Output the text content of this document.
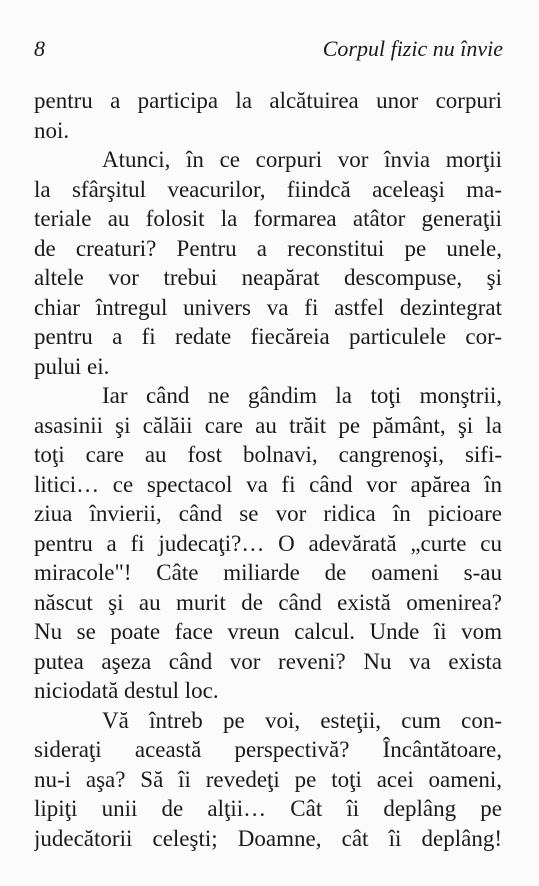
8	Corpul fizic nu învie
pentru a participa la alcătuirea unor corpuri
noi.
Atunci, în ce corpuri vor învia morţii
la sfârşitul veacurilor, fiindcă aceleaşi ma-
teriale au folosit la formarea atâtor generaţii
de creaturi? Pentru a reconstitui pe unele,
altele vor trebui neapărat descompuse, şi
chiar întregul univers va fi astfel dezintegrat
pentru a fi redate fiecăreia particulele cor-
pului ei.
Iar când ne gândim la toţi monştrii,
asasinii şi călăii care au trăit pe pământ, şi la
toţi care au fost bolnavi, cangrenoşi, sifi-
litici… ce spectacol va fi când vor apărea în
ziua învierii, când se vor ridica în picioare
pentru a fi judecaţi?… O adevărată „curte cu
miracole"! Câte miliarde de oameni s-au
născut şi au murit de când există omenirea?
Nu se poate face vreun calcul. Unde îi vom
putea aşeza când vor reveni? Nu va exista
niciodată destul loc.
Vă întreb pe voi, esteţii, cum con-
sideraţi această perspectivă? Încântătoare,
nu-i aşa? Să îi revedeţi pe toţi acei oameni,
lipiţi unii de alţii… Cât îi deplâng pe
judecătorii celeşti; Doamne, cât îi deplâng!
